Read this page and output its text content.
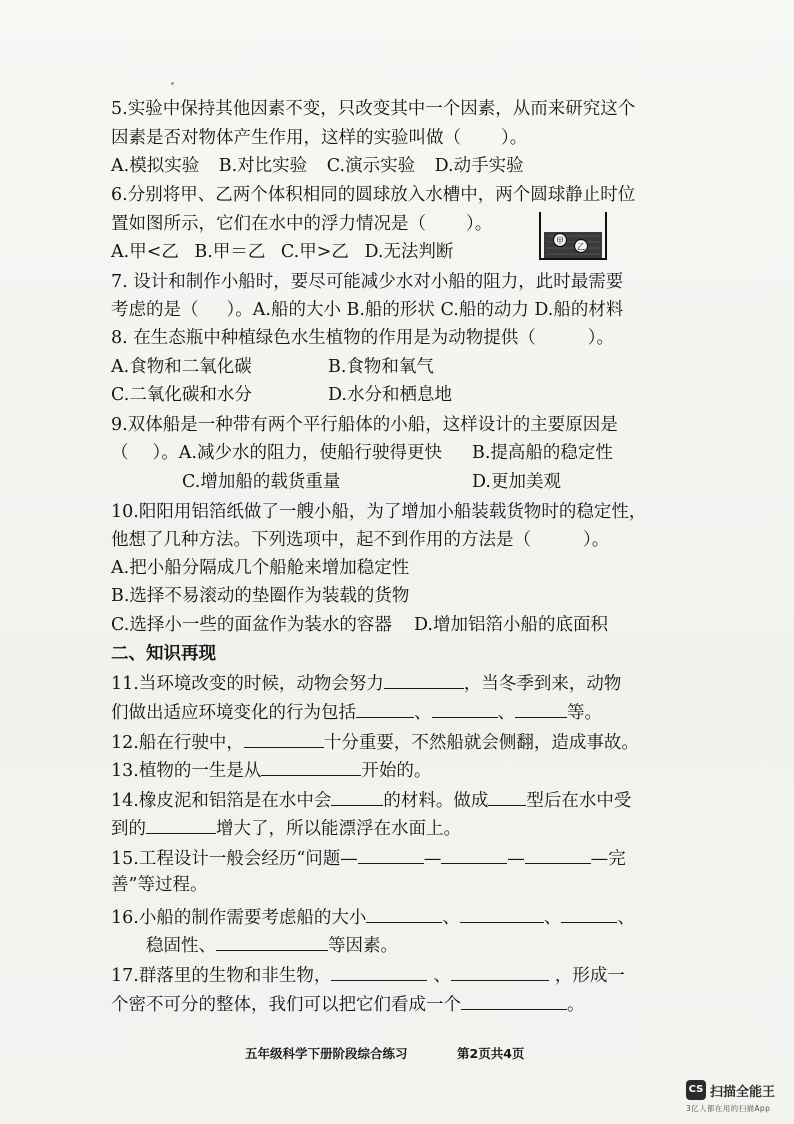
5.实验中保持其他因素不变，只改变其中一个因素，从而来研究这个
因素是否对物体产生作用，这样的实验叫做（ ）。
A.模拟实验 B.对比实验 C.演示实验 D.动手实验
6.分别将甲、乙两个体积相同的圆球放入水槽中，两个圆球静止时位
置如图所示，它们在水中的浮力情况是（ ）。
A.甲<乙 B.甲＝乙 C.甲>乙 D.无法判断
甲
乙
7. 设计和制作小船时，要尽可能减少水对小船的阻力，此时最需要
考虑的是（ ）。A.船的大小 B.船的形状 C.船的动力 D.船的材料
8. 在生态瓶中种植绿色水生植物的作用是为动物提供（	）。
A.食物和二氧化碳	B.食物和氧气
C.二氧化碳和水分	D.水分和栖息地
9.双体船是一种带有两个平行船体的小船，这样设计的主要原因是
（ ）。A.减少水的阻力，使船行驶得更快 B.提高船的稳定性
C.增加船的载货重量	D.更加美观
10.阳阳用铝箔纸做了一艘小船，为了增加小船装载货物时的稳定性，
他想了几种方法。下列选项中，起不到作用的方法是（	）。
A.把小船分隔成几个船舱来增加稳定性
B.选择不易滚动的垫圈作为装载的货物
C.选择小一些的面盆作为装水的容器 D.增加铝箔小船的底面积
二、知识再现
11.当环境改变的时候，动物会努力	，当冬季到来，动物
们做出适应环境变化的行为包括	、	、	等。
12.船在行驶中，	十分重要，不然船就会侧翻，造成事故。
13.植物的一生是从	开始的。
14.橡皮泥和铝箔是在水中会	的材料。做成 型后在水中受
到的	增大了，所以能漂浮在水面上。
15.工程设计一般会经历“问题—	—	—	—完
善”等过程。
16.小船的制作需要考虑船的大小	、	、	、
稳固性、	等因素。
17.群落里的生物和非生物，	、	，形成一
个密不可分的整体，我们可以把它们看成一个	。
五年级科学下册阶段综合练习	第2页共4页
CS 扫描全能王
3亿人都在用的扫描App
